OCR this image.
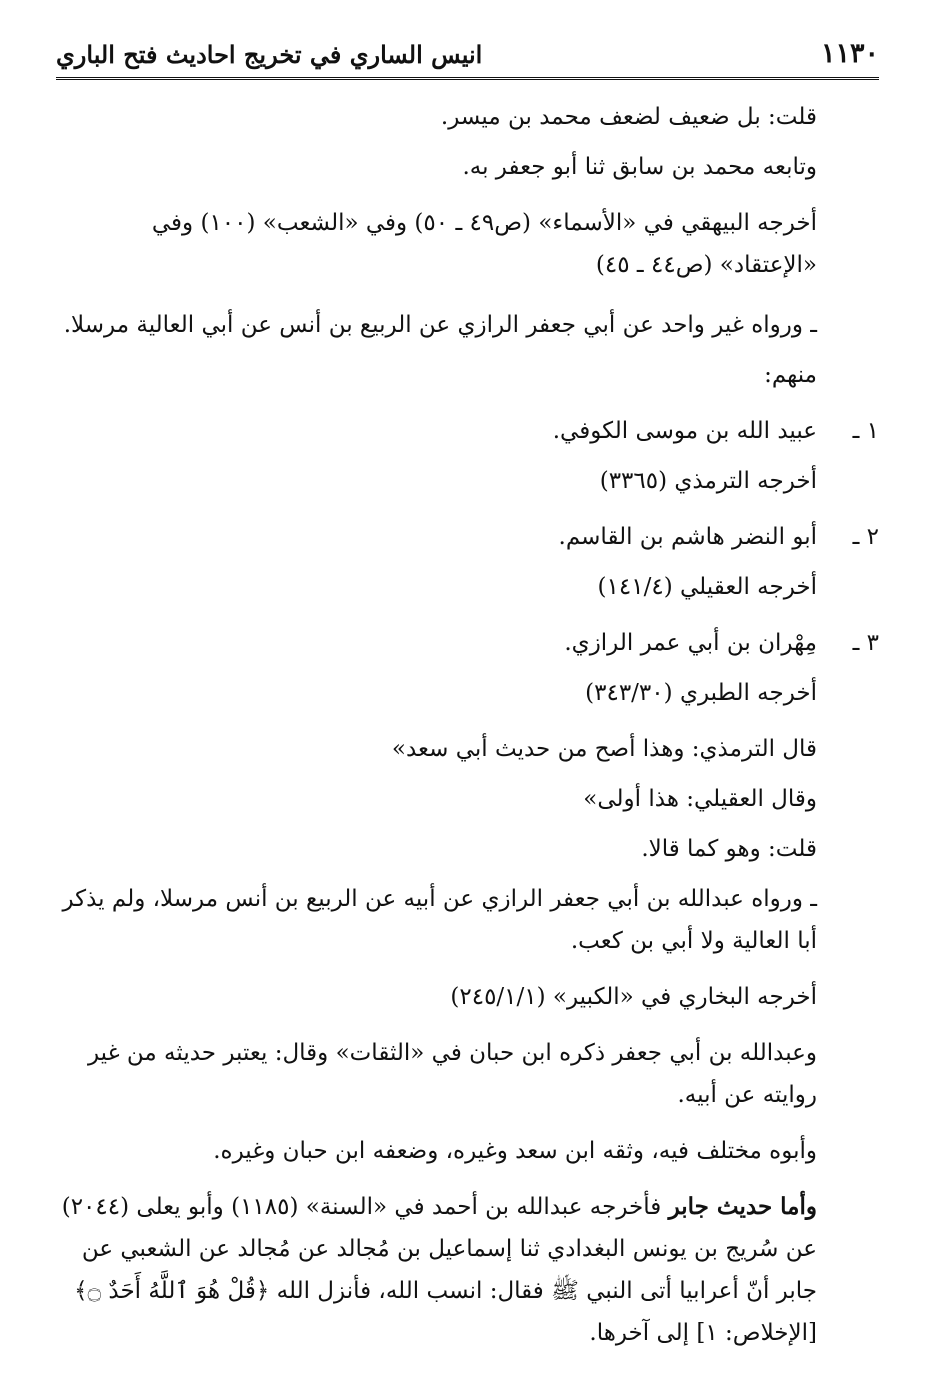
١١٣٠
انيس الساري في تخريج احاديث فتح الباري

قلت: بل ضعيف لضعف محمد بن ميسر.

وتابعه محمد بن سابق ثنا أبو جعفر به.

أخرجه البيهقي في «الأسماء» (ص٤٩ ـ ٥٠) وفي «الشعب» (١٠٠) وفي «الإعتقاد» (ص٤٤ ـ ٤٥)

ـ ورواه غير واحد عن أبي جعفر الرازي عن الربيع بن أنس عن أبي العالية مرسلا.

منهم:

١ ـ
عبيد الله بن موسى الكوفي.

أخرجه الترمذي (٣٣٦٥)

٢ ـ
أبو النضر هاشم بن القاسم.

أخرجه العقيلي (١٤١/٤)

٣ ـ
مِهْران بن أبي عمر الرازي.

أخرجه الطبري (٣٤٣/٣٠)

قال الترمذي: وهذا أصح من حديث أبي سعد»

وقال العقيلي: هذا أولى»

قلت: وهو كما قالا.

ـ ورواه عبدالله بن أبي جعفر الرازي عن أبيه عن الربيع بن أنس مرسلا، ولم يذكر أبا العالية ولا أبي بن كعب.

أخرجه البخاري في «الكبير» (٢٤٥/١/١)

وعبدالله بن أبي جعفر ذكره ابن حبان في «الثقات» وقال: يعتبر حديثه من غير روايته عن أبيه.

وأبوه مختلف فيه، وثقه ابن سعد وغيره، وضعفه ابن حبان وغيره.

وأما حديث جابر فأخرجه عبدالله بن أحمد في «السنة» (١١٨٥) وأبو يعلى (٢٠٤٤) عن سُريج بن يونس البغدادي ثنا إسماعيل بن مُجالد عن مُجالد عن الشعبي عن جابر أنّ أعرابيا أتى النبي ﷺ فقال: انسب الله، فأنزل الله ﴿قُلْ هُوَ ٱللَّهُ أَحَدٌ ۝﴾ [الإخلاص: ١] إلى آخرها.
